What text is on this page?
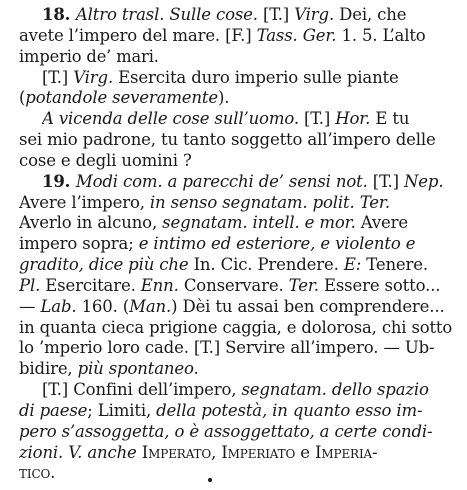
18. Altro trasl. Sulle cose. [T.] Virg. Dei, che
avete l’impero del mare. [F.] Tass. Ger. 1. 5. L’alto
imperio de’ mari.
[T.] Virg. Esercita duro imperio sulle piante
(potandole severamente).
A vicenda delle cose sull’uomo. [T.] Hor. E tu
sei mio padrone, tu tanto soggetto all’impero delle
cose e degli uomini ?
19. Modi com. a parecchi de’ sensi not. [T.] Nep.
Avere l’impero, in senso segnatam. polit. Ter.
Averlo in alcuno, segnatam. intell. e mor. Avere
impero sopra; e intimo ed esteriore, e violento e
gradito, dice più che In. Cic. Prendere. E: Tenere.
Pl. Esercitare. Enn. Conservare. Ter. Essere sotto...
— Lab. 160. (Man.) Dèi tu assai ben comprendere...
in quanta cieca prigione caggia, e dolorosa, chi sotto
lo ’mperio loro cade. [T.] Servire all’impero. — Ub-
bidire, più spontaneo.
[T.] Confini dell’impero, segnatam. dello spazio
di paese; Limiti, della potestà, in quanto esso im-
pero s’assoggetta, o è assoggettato, a certe condi-
zioni. V. anche Imperato, Imperiato e Imperia-
tico.
